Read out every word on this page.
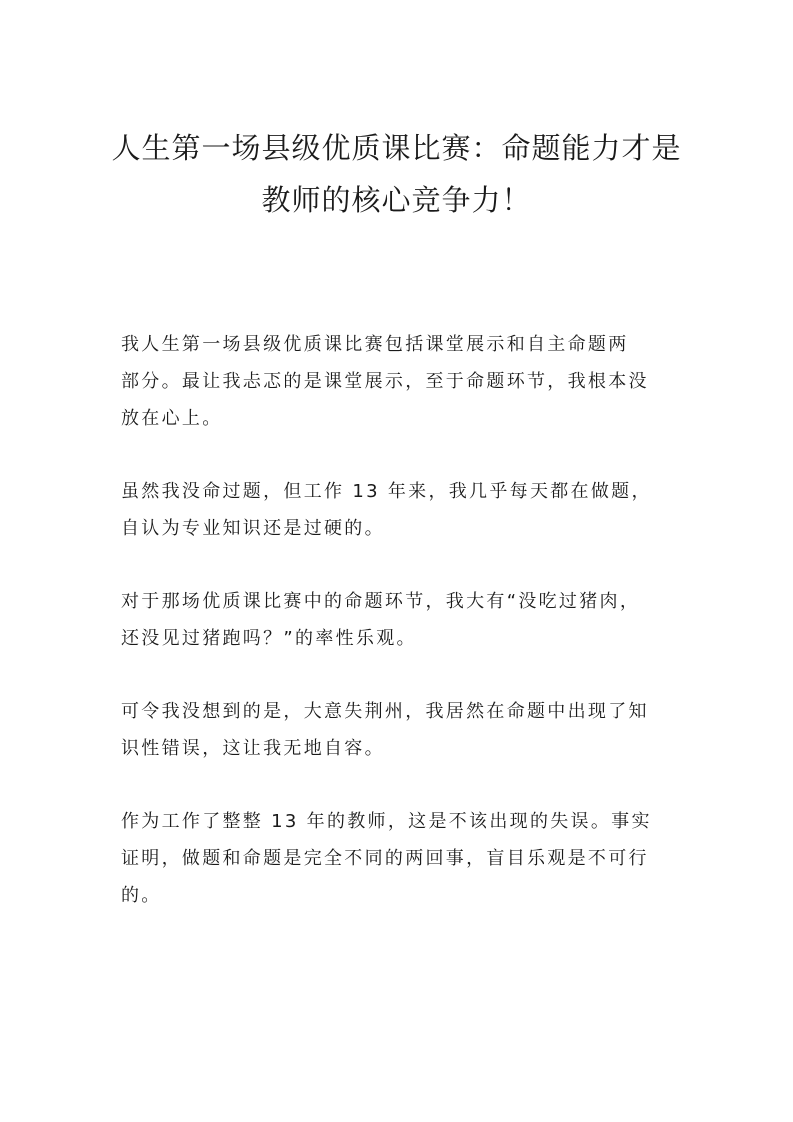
人生第一场县级优质课比赛：命题能力才是
教师的核心竞争力！

我人生第一场县级优质课比赛包括课堂展示和自主命题两
部分。最让我忐忑的是课堂展示，至于命题环节，我根本没
放在心上。

虽然我没命过题，但工作 13 年来，我几乎每天都在做题，
自认为专业知识还是过硬的。

对于那场优质课比赛中的命题环节，我大有“没吃过猪肉，
还没见过猪跑吗？”的率性乐观。

可令我没想到的是，大意失荆州，我居然在命题中出现了知
识性错误，这让我无地自容。

作为工作了整整 13 年的教师，这是不该出现的失误。事实
证明，做题和命题是完全不同的两回事，盲目乐观是不可行
的。
